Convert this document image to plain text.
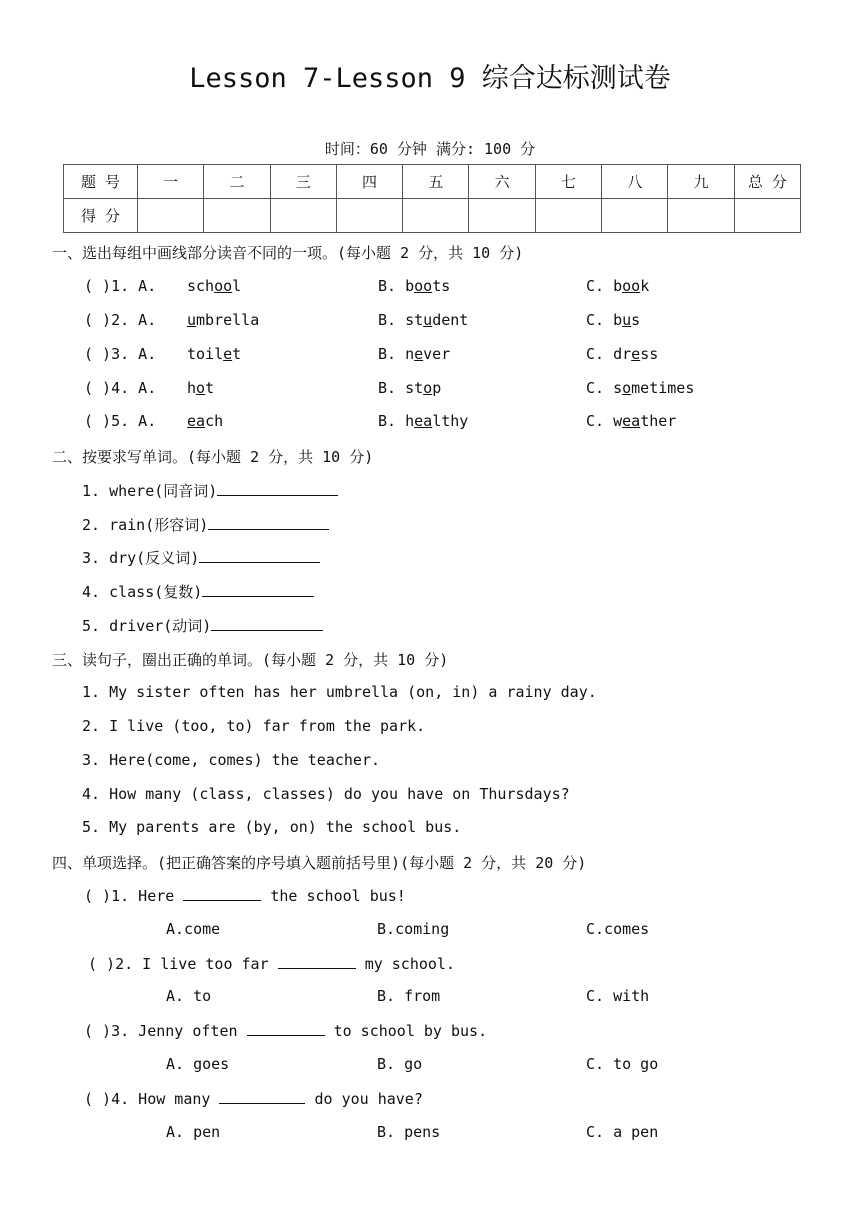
Lesson 7-Lesson 9 综合达标测试卷
时间：60 分钟 满分: 100 分
题 号	一	二	三	四	五	六	七	八	九	总 分
得 分										
一、选出每组中画线部分读音不同的一项。(每小题 2 分，共 10 分)
( )1. A. school	B. boots	C. book
( )2. A. umbrella	B. student	C. bus
( )3. A. toilet	B. never	C. dress
( )4. A. hot	B. stop	C. sometimes
( )5. A. each	B. healthy	C. weather
二、按要求写单词。(每小题 2 分，共 10 分)
1. where(同音词)
2. rain(形容词)
3. dry(反义词)
4. class(复数)
5. driver(动词)
三、读句子，圈出正确的单词。(每小题 2 分，共 10 分)
1. My sister often has her umbrella (on, in) a rainy day.
2. I live (too, to) far from the park.
3. Here(come, comes) the teacher.
4. How many (class, classes) do you have on Thursdays?
5. My parents are (by, on) the school bus.
四、单项选择。(把正确答案的序号填入题前括号里)(每小题 2 分，共 20 分)
( )1. Here	the school bus!
A.come	B.coming	C.comes
( )2. I live too far	my school.
A. to	B. from	C. with
( )3. Jenny often	to school by bus.
A. goes	B. go	C. to go
( )4. How many	do you have?
A. pen	B. pens	C. a pen
